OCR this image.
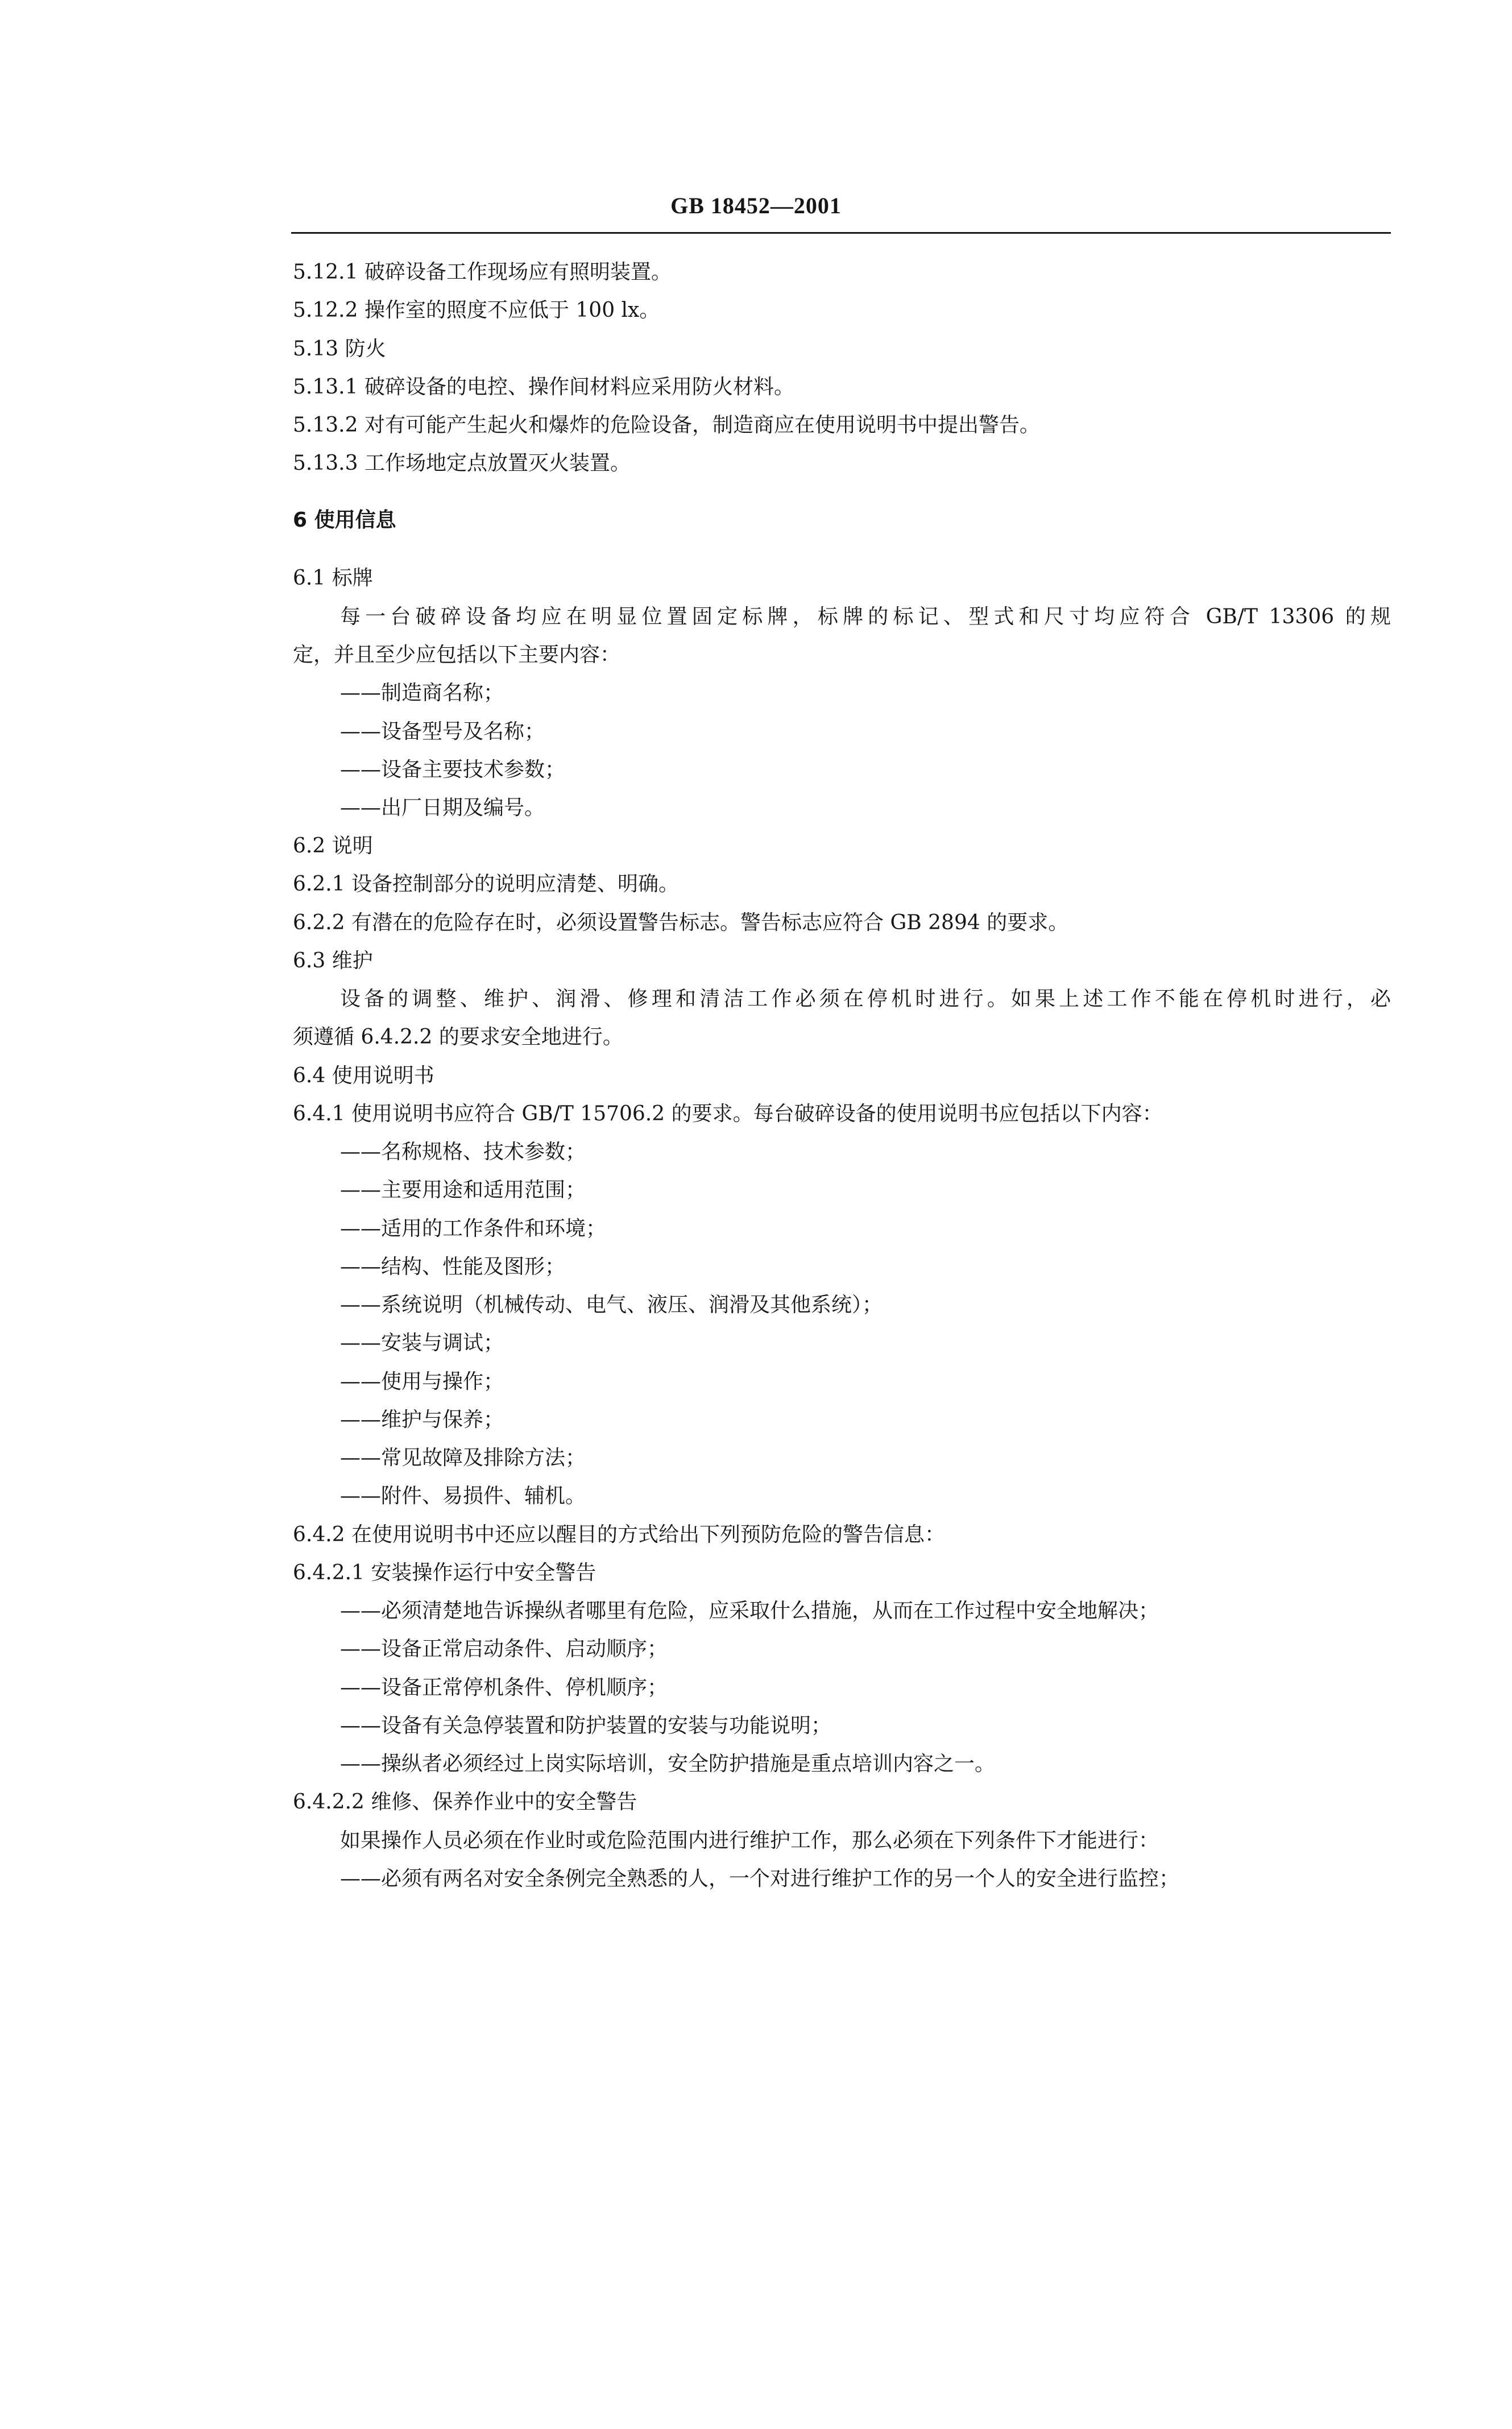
GB 18452—2001
5.12.1 破碎设备工作现场应有照明装置。
5.12.2 操作室的照度不应低于 100 lx。
5.13 防火
5.13.1 破碎设备的电控、操作间材料应采用防火材料。
5.13.2 对有可能产生起火和爆炸的危险设备，制造商应在使用说明书中提出警告。
5.13.3 工作场地定点放置灭火装置。
6 使用信息
6.1 标牌
每一台破碎设备均应在明显位置固定标牌，标牌的标记、型式和尺寸均应符合 GB/T 13306 的规
定，并且至少应包括以下主要内容：
——制造商名称；
——设备型号及名称；
——设备主要技术参数；
——出厂日期及编号。
6.2 说明
6.2.1 设备控制部分的说明应清楚、明确。
6.2.2 有潜在的危险存在时，必须设置警告标志。警告标志应符合 GB 2894 的要求。
6.3 维护
设备的调整、维护、润滑、修理和清洁工作必须在停机时进行。如果上述工作不能在停机时进行，必
须遵循 6.4.2.2 的要求安全地进行。
6.4 使用说明书
6.4.1 使用说明书应符合 GB/T 15706.2 的要求。每台破碎设备的使用说明书应包括以下内容：
——名称规格、技术参数；
——主要用途和适用范围；
——适用的工作条件和环境；
——结构、性能及图形；
——系统说明（机械传动、电气、液压、润滑及其他系统）；
——安装与调试；
——使用与操作；
——维护与保养；
——常见故障及排除方法；
——附件、易损件、辅机。
6.4.2 在使用说明书中还应以醒目的方式给出下列预防危险的警告信息：
6.4.2.1 安装操作运行中安全警告
——必须清楚地告诉操纵者哪里有危险，应采取什么措施，从而在工作过程中安全地解决；
——设备正常启动条件、启动顺序；
——设备正常停机条件、停机顺序；
——设备有关急停装置和防护装置的安装与功能说明；
——操纵者必须经过上岗实际培训，安全防护措施是重点培训内容之一。
6.4.2.2 维修、保养作业中的安全警告
如果操作人员必须在作业时或危险范围内进行维护工作，那么必须在下列条件下才能进行：
——必须有两名对安全条例完全熟悉的人，一个对进行维护工作的另一个人的安全进行监控；
